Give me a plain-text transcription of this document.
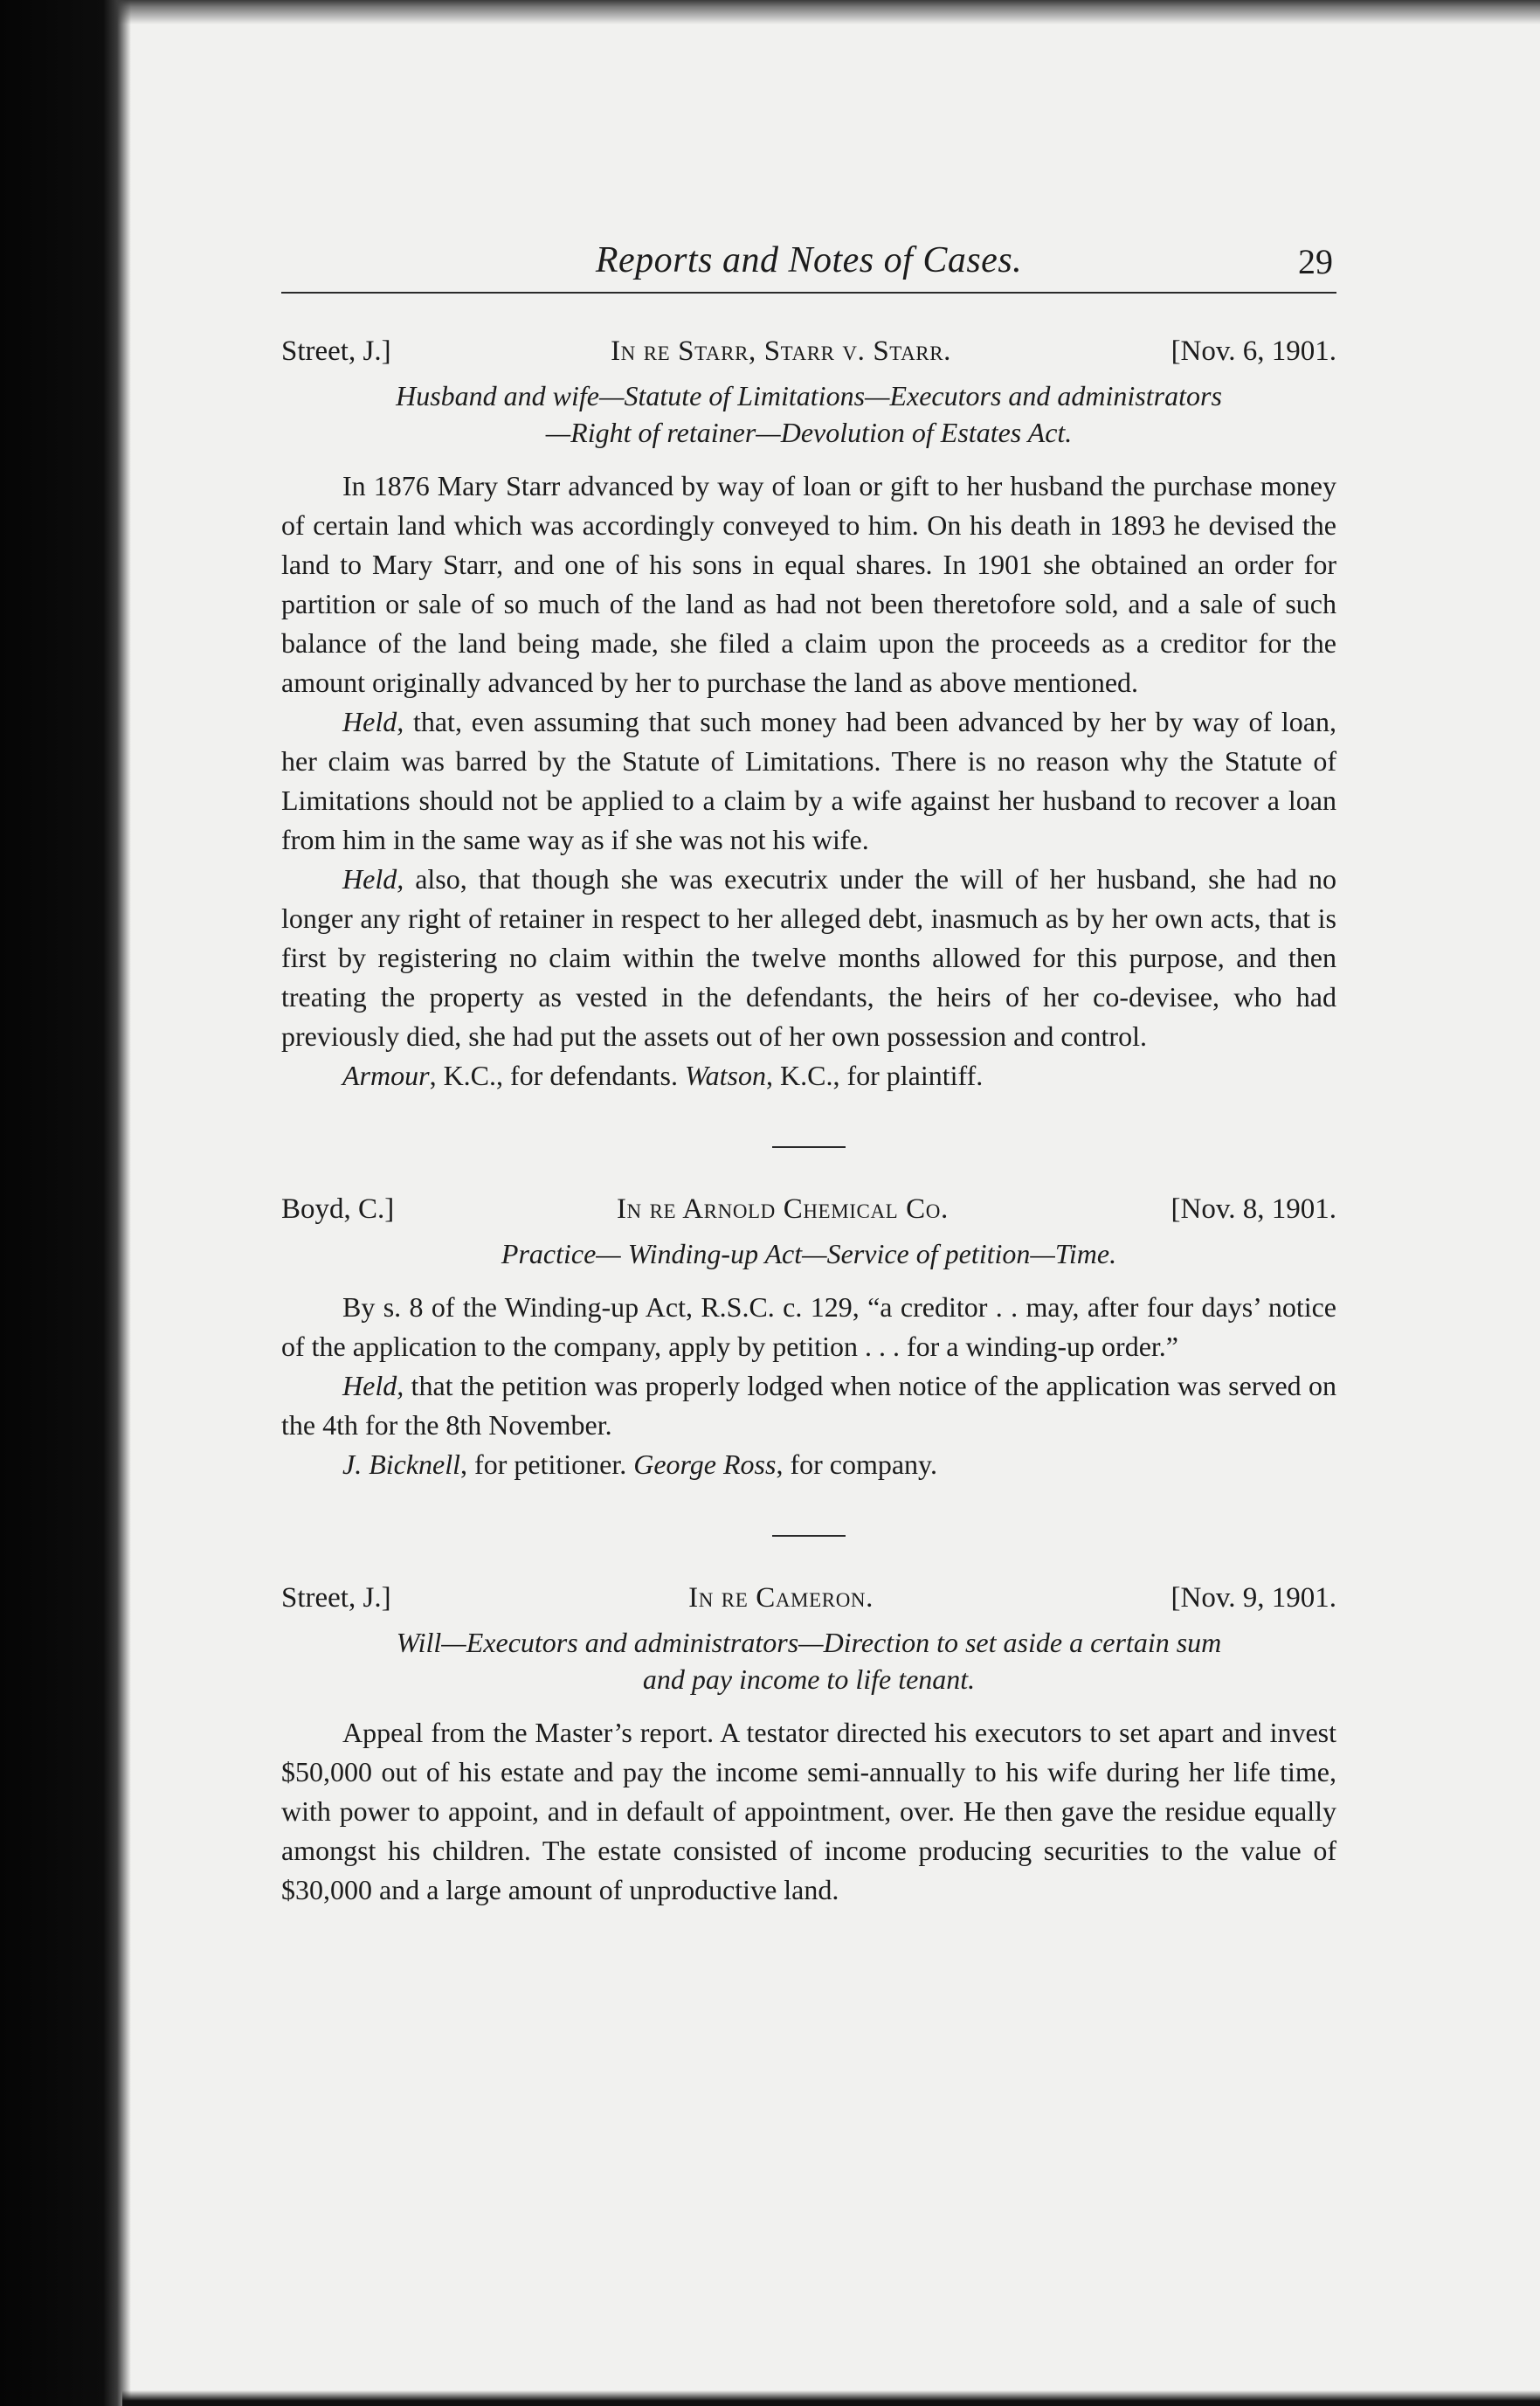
Reports and Notes of Cases.	29
Street, J.]	In re Starr, Starr v. Starr.	[Nov. 6, 1901.
Husband and wife—Statute of Limitations—Executors and administrators
—Right of retainer—Devolution of Estates Act.

In 1876 Mary Starr advanced by way of loan or gift to her husband the purchase money of certain land which was accordingly conveyed to him. On his death in 1893 he devised the land to Mary Starr, and one of his sons in equal shares. In 1901 she obtained an order for partition or sale of so much of the land as had not been theretofore sold, and a sale of such balance of the land being made, she filed a claim upon the proceeds as a creditor for the amount originally advanced by her to purchase the land as above mentioned.

Held, that, even assuming that such money had been advanced by her by way of loan, her claim was barred by the Statute of Limitations. There is no reason why the Statute of Limitations should not be applied to a claim by a wife against her husband to recover a loan from him in the same way as if she was not his wife.

Held, also, that though she was executrix under the will of her husband, she had no longer any right of retainer in respect to her alleged debt, inasmuch as by her own acts, that is first by registering no claim within the twelve months allowed for this purpose, and then treating the property as vested in the defendants, the heirs of her co-devisee, who had previously died, she had put the assets out of her own possession and control.

Armour, K.C., for defendants. Watson, K.C., for plaintiff.

Boyd, C.]	In re Arnold Chemical Co.	[Nov. 8, 1901.
Practice— Winding-up Act—Service of petition—Time.

By s. 8 of the Winding-up Act, R.S.C. c. 129, “a creditor . . may, after four days’ notice of the application to the company, apply by petition . . . for a winding-up order.”

Held, that the petition was properly lodged when notice of the application was served on the 4th for the 8th November.

J. Bicknell, for petitioner. George Ross, for company.

Street, J.]	In re Cameron.	[Nov. 9, 1901.
Will—Executors and administrators—Direction to set aside a certain sum
and pay income to life tenant.

Appeal from the Master’s report. A testator directed his executors to set apart and invest $50,000 out of his estate and pay the income semi-annually to his wife during her life time, with power to appoint, and in default of appointment, over. He then gave the residue equally amongst his children. The estate consisted of income producing securities to the value of $30,000 and a large amount of unproductive land.
